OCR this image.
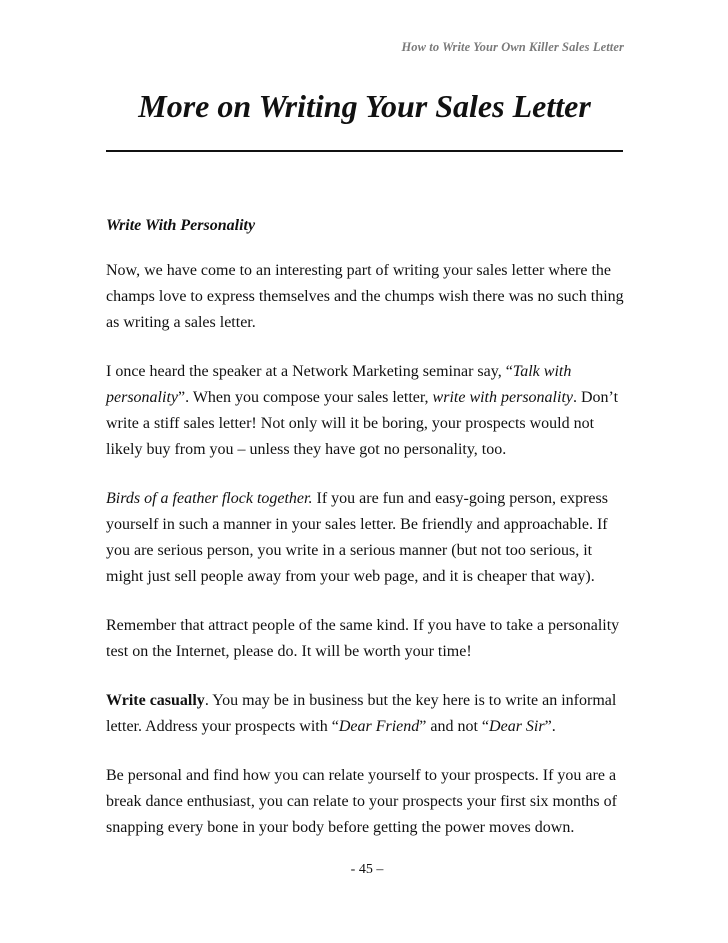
How to Write Your Own Killer Sales Letter
More on Writing Your Sales Letter
Write With Personality

Now, we have come to an interesting part of writing your sales letter where the champs love to express themselves and the chumps wish there was no such thing as writing a sales letter.

I once heard the speaker at a Network Marketing seminar say, “Talk with personality”. When you compose your sales letter, write with personality. Don’t write a stiff sales letter! Not only will it be boring, your prospects would not likely buy from you – unless they have got no personality, too.

Birds of a feather flock together. If you are fun and easy-going person, express yourself in such a manner in your sales letter. Be friendly and approachable. If you are serious person, you write in a serious manner (but not too serious, it might just sell people away from your web page, and it is cheaper that way).

Remember that attract people of the same kind. If you have to take a personality test on the Internet, please do. It will be worth your time!

Write casually. You may be in business but the key here is to write an informal letter. Address your prospects with “Dear Friend” and not “Dear Sir”.

Be personal and find how you can relate yourself to your prospects. If you are a break dance enthusiast, you can relate to your prospects your first six months of snapping every bone in your body before getting the power moves down.

- 45 –
